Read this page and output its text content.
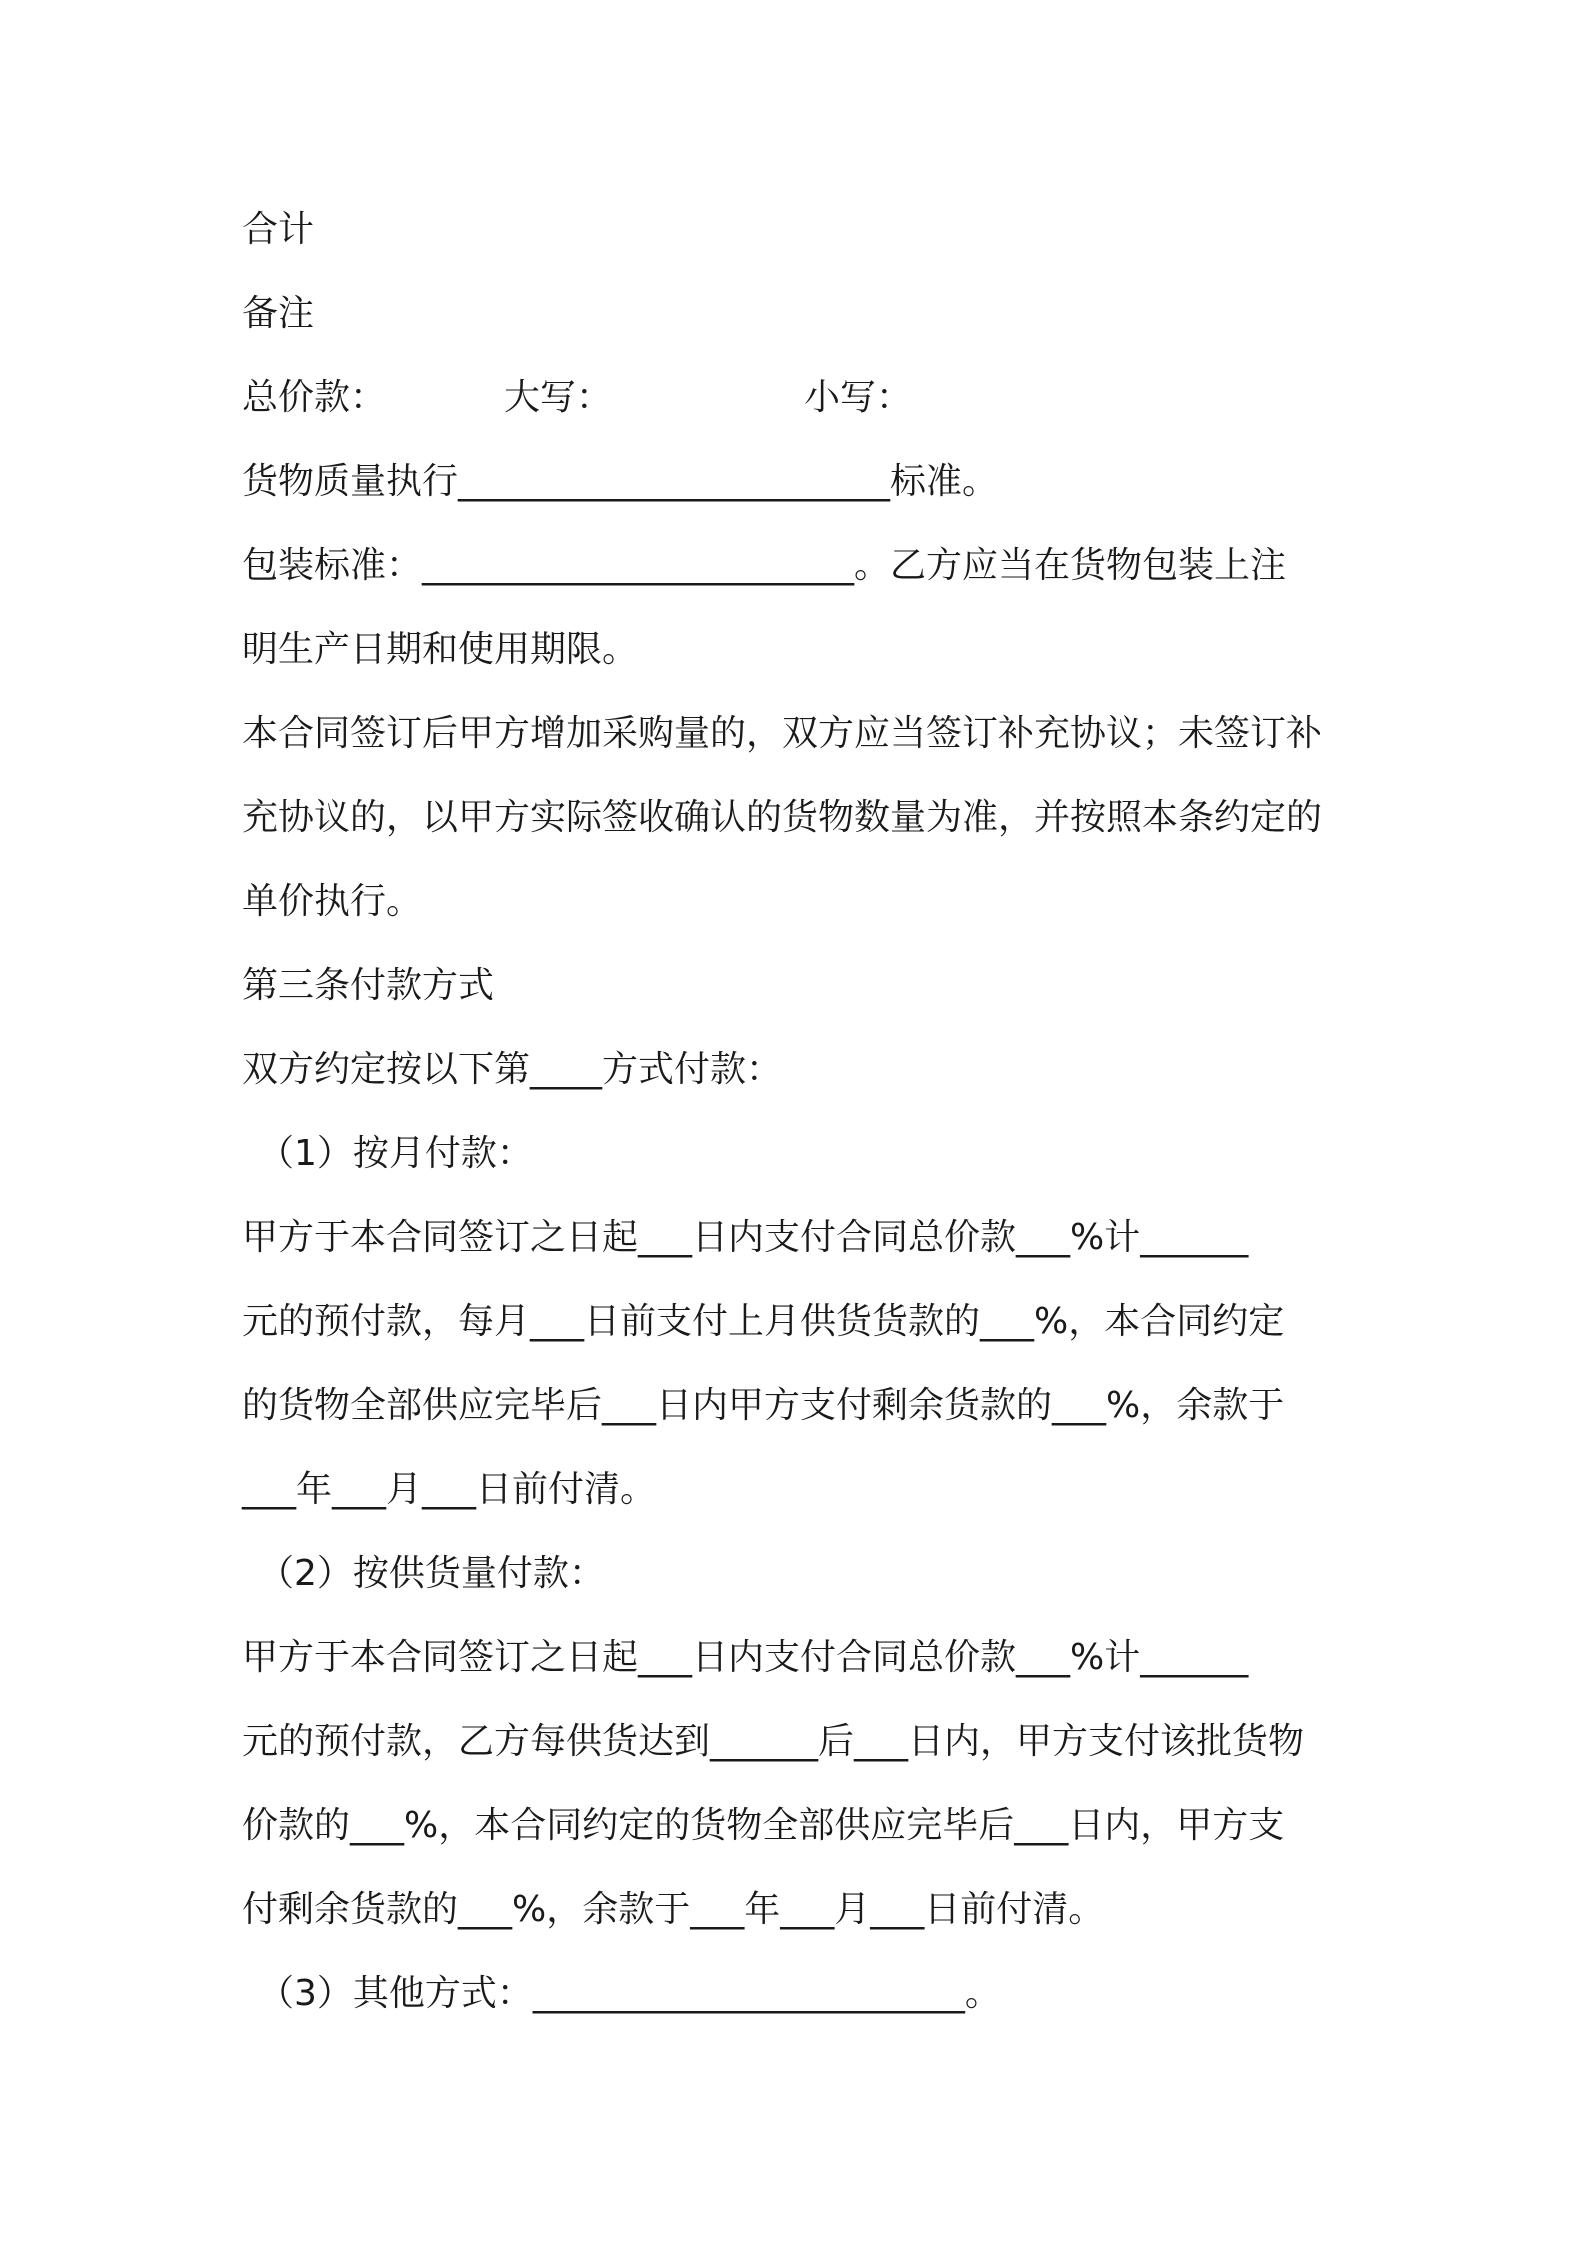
合计
备注
总价款：	大写：	小写：
货物质量执行________________________标准。
包装标准：________________________。乙方应当在货物包装上注
明生产日期和使用期限。
本合同签订后甲方增加采购量的，双方应当签订补充协议；未签订补
充协议的，以甲方实际签收确认的货物数量为准，并按照本条约定的
单价执行。
第三条付款方式
双方约定按以下第____方式付款：
（1）按月付款：
甲方于本合同签订之日起___日内支付合同总价款___%计______
元的预付款，每月___日前支付上月供货货款的___%，本合同约定
的货物全部供应完毕后___日内甲方支付剩余货款的___%，余款于
___年___月___日前付清。
（2）按供货量付款：
甲方于本合同签订之日起___日内支付合同总价款___%计______
元的预付款，乙方每供货达到______后___日内，甲方支付该批货物
价款的___%，本合同约定的货物全部供应完毕后___日内，甲方支
付剩余货款的___%，余款于___年___月___日前付清。
（3）其他方式：________________________。
